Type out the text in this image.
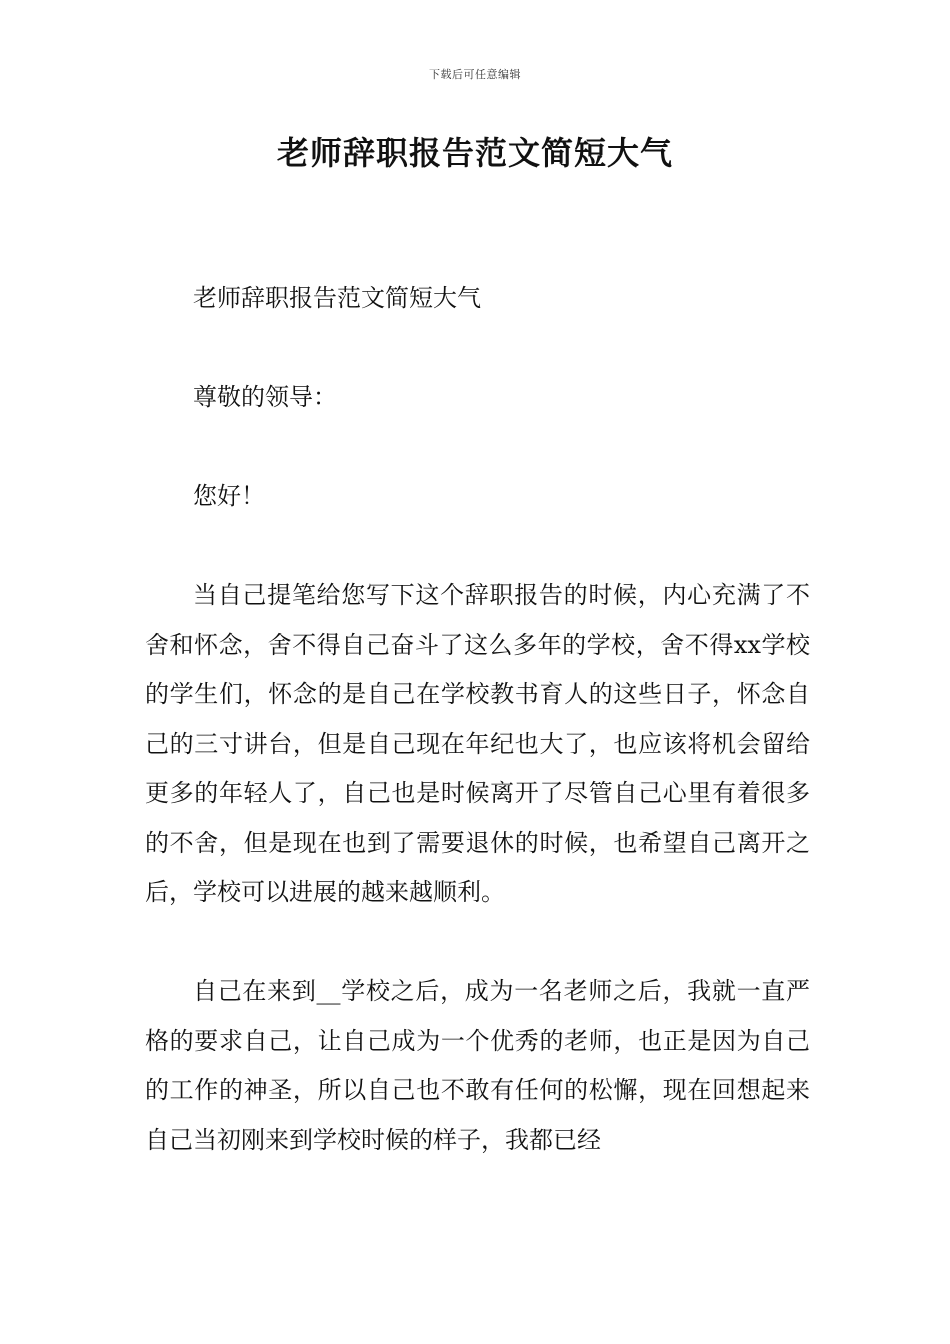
下载后可任意编辑
老师辞职报告范文简短大气

老师辞职报告范文简短大气

尊敬的领导：

您好！

当自己提笔给您写下这个辞职报告的时候，内心充满了不舍和怀念，舍不得自己奋斗了这么多年的学校，舍不得xx学校的学生们，怀念的是自己在学校教书育人的这些日子，怀念自己的三寸讲台，但是自己现在年纪也大了，也应该将机会留给更多的年轻人了，自己也是时候离开了尽管自己心里有着很多的不舍，但是现在也到了需要退休的时候，也希望自己离开之后，学校可以进展的越来越顺利。

自己在来到__学校之后，成为一名老师之后，我就一直严格的要求自己，让自己成为一个优秀的老师，也正是因为自己的工作的神圣，所以自己也不敢有任何的松懈，现在回想起来自己当初刚来到学校时候的样子，我都已经
